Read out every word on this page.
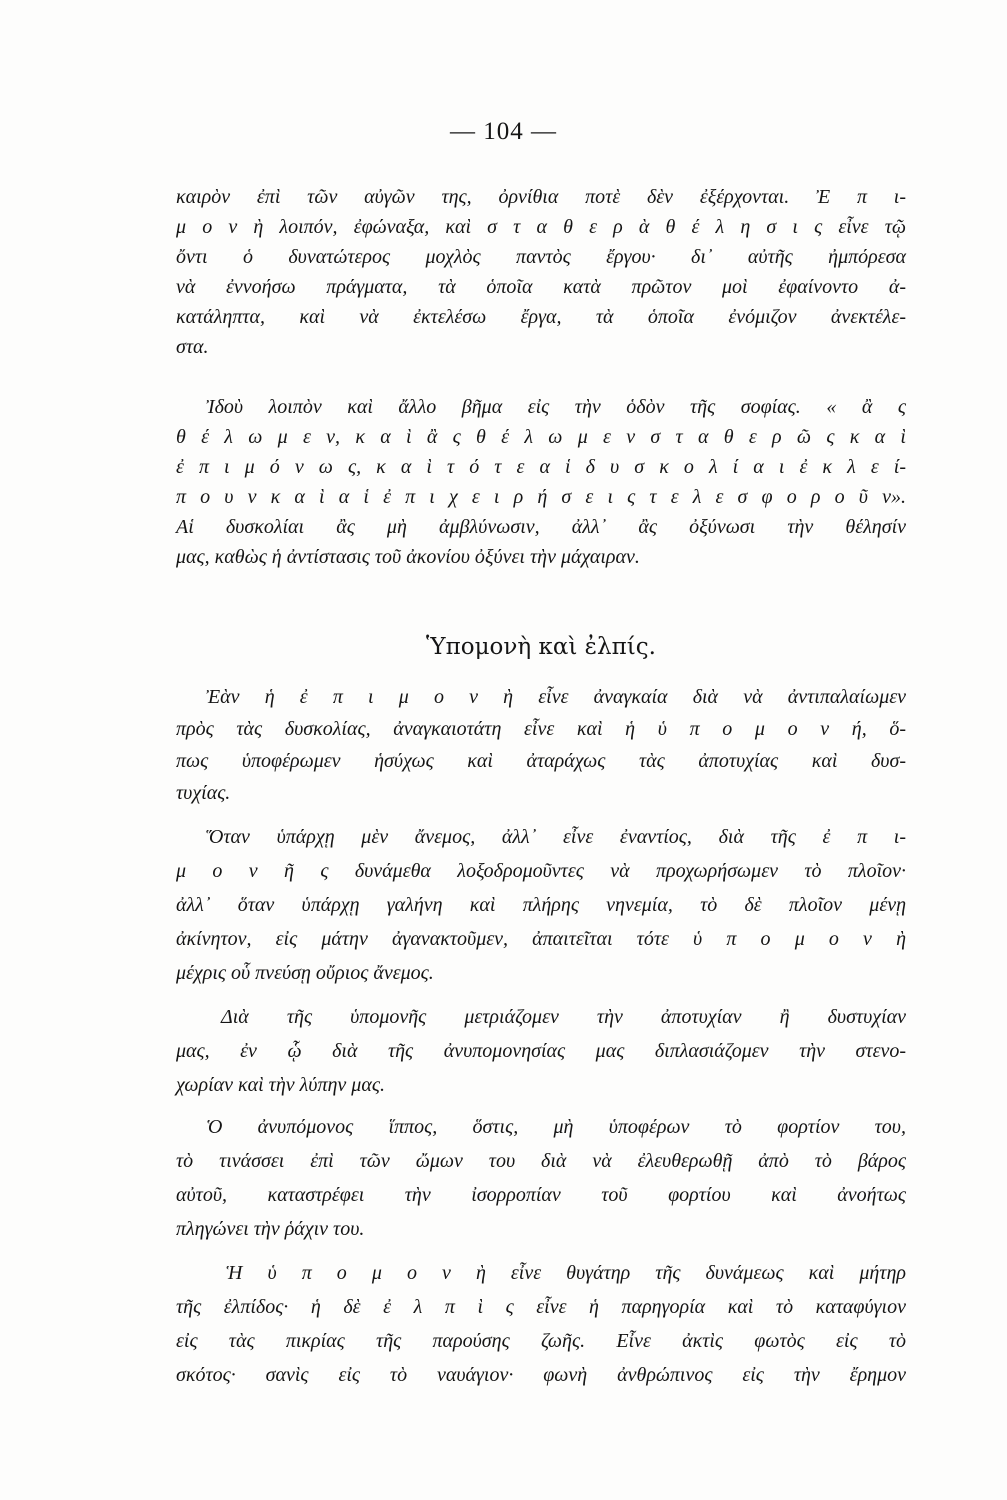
— 104 —
καιρὸν ἐπὶ τῶν αὐγῶν της, ὀρνίθια ποτὲ δὲν ἐξέρχονται. Ἐ π ι-
μ ο ν ὴ λοιπόν, ἐφώναξα, καὶ σ τ α θ ε ρ ὰ θ έ λ η σ ι ς εἶνε τῷ
ὄντι ὁ δυνατώτερος μοχλὸς παντὸς ἔργου· δι᾽ αὐτῆς ἠμπόρεσα
νὰ ἐννοήσω πράγματα, τὰ ὁποῖα κατὰ πρῶτον μοὶ ἐφαίνοντο ἀ-
κατάληπτα, καὶ νὰ ἐκτελέσω ἔργα, τὰ ὁποῖα ἐνόμιζον ἀνεκτέλε-
στα.
Ἰδοὺ λοιπὸν καὶ ἄλλο βῆμα εἰς τὴν ὁδὸν τῆς σοφίας. « ἂ ς
θ έ λ ω μ ε ν, κ α ὶ ἂ ς θ έ λ ω μ ε ν σ τ α θ ε ρ ῶ ς κ α ὶ
ἐ π ι μ ό ν ω ς, κ α ὶ τ ό τ ε α ἱ δ υ σ κ ο λ ί α ι ἐ κ λ ε ί-
π ο υ ν κ α ὶ α ἱ ἐ π ι χ ε ι ρ ή σ ε ι ς τ ε λ ε σ φ ο ρ ο ῦ ν».
Αἱ δυσκολίαι ἂς μὴ ἀμβλύνωσιν, ἀλλ᾽ ἂς ὀξύνωσι τὴν θέλησίν
μας, καθὼς ἡ ἀντίστασις τοῦ ἀκονίου ὀξύνει τὴν μάχαιραν.
Ὑπομονὴ καὶ ἐλπίς.
Ἐὰν ἡ ἐ π ι μ ο ν ὴ εἶνε ἀναγκαία διὰ νὰ ἀντιπαλαίωμεν
πρὸς τὰς δυσκολίας, ἀναγκαιοτάτη εἶνε καὶ ἡ ὑ π ο μ ο ν ή, ὅ-
πως ὑποφέρωμεν ἡσύχως καὶ ἀταράχως τὰς ἀποτυχίας καὶ δυσ-
τυχίας.
Ὅταν ὑπάρχῃ μὲν ἄνεμος, ἀλλ᾽ εἶνε ἐναντίος, διὰ τῆς ἐ π ι-
μ ο ν ῆ ς δυνάμεθα λοξοδρομοῦντες νὰ προχωρήσωμεν τὸ πλοῖον·
ἀλλ᾽ ὅταν ὑπάρχῃ γαλήνη καὶ πλήρης νηνεμία, τὸ δὲ πλοῖον μένῃ
ἀκίνητον, εἰς μάτην ἀγανακτοῦμεν, ἀπαιτεῖται τότε ὑ π ο μ ο ν ὴ
μέχρις οὗ πνεύσῃ οὔριος ἄνεμος.
Διὰ τῆς ὑπομονῆς μετριάζομεν τὴν ἀποτυχίαν ἢ δυστυχίαν
μας, ἐν ᾧ διὰ τῆς ἀνυπομονησίας μας διπλασιάζομεν τὴν στενο-
χωρίαν καὶ τὴν λύπην μας.
Ὁ ἀνυπόμονος ἵππος, ὅστις, μὴ ὑποφέρων τὸ φορτίον του,
τὸ τινάσσει ἐπὶ τῶν ὤμων του διὰ νὰ ἐλευθερωθῇ ἀπὸ τὸ βάρος
αὐτοῦ, καταστρέφει τὴν ἰσορροπίαν τοῦ φορτίου καὶ ἀνοήτως
πληγώνει τὴν ῥάχιν του.
Ἡ ὑ π ο μ ο ν ὴ εἶνε θυγάτηρ τῆς δυνάμεως καὶ μήτηρ
τῆς ἐλπίδος· ἡ δὲ ἐ λ π ὶ ς εἶνε ἡ παρηγορία καὶ τὸ καταφύγιον
εἰς τὰς πικρίας τῆς παρούσης ζωῆς. Εἶνε ἀκτὶς φωτὸς εἰς τὸ
σκότος· σανὶς εἰς τὸ ναυάγιον· φωνὴ ἀνθρώπινος εἰς τὴν ἔρημον
